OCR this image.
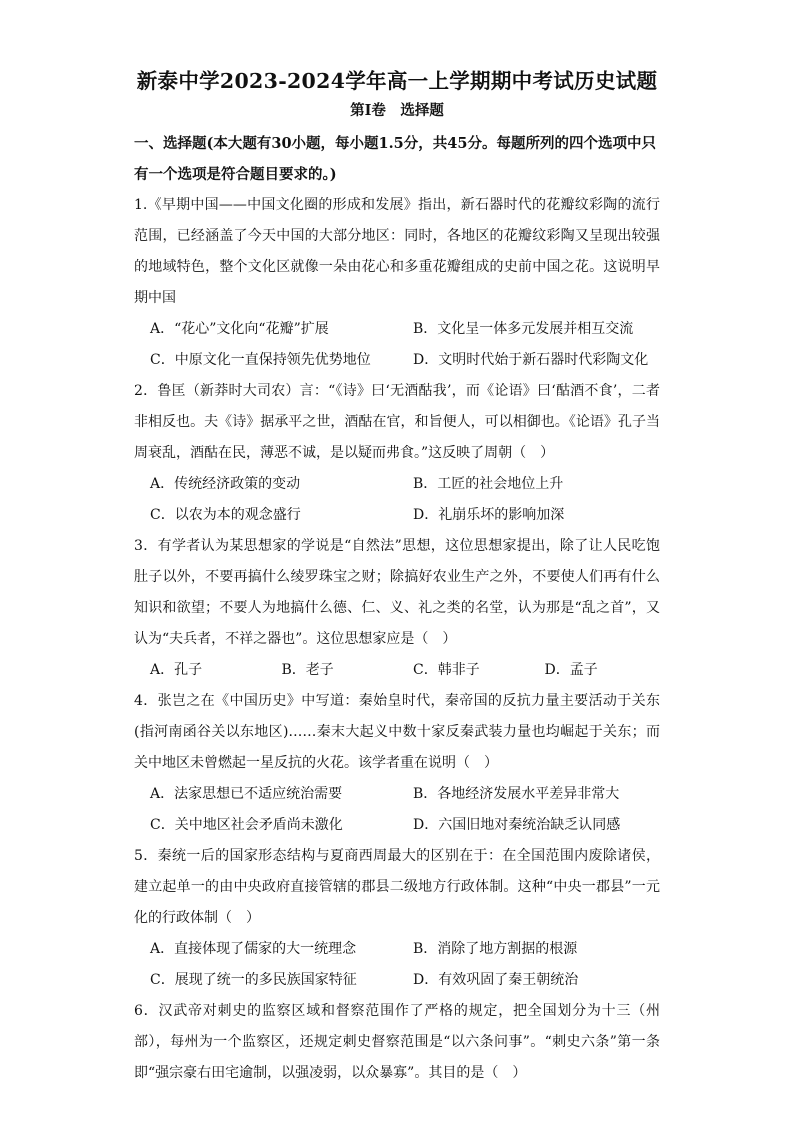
新泰中学2023-2024学年高一上学期期中考试历史试题
第Ⅰ卷　选择题

一、选择题(本大题有30小题，每小题1.5分，共45分。每题所列的四个选项中只有一个选项是符合题目要求的。)

1.《早期中国——中国文化圈的形成和发展》指出，新石器时代的花瓣纹彩陶的流行范围，已经涵盖了今天中国的大部分地区：同时，各地区的花瓣纹彩陶又呈现出较强的地域特色，整个文化区就像一朵由花心和多重花瓣组成的史前中国之花。这说明早期中国

A．“花心”文化向“花瓣”扩展	B．文化呈一体多元发展并相互交流
C．中原文化一直保持领先优势地位	D．文明时代始于新石器时代彩陶文化

2．鲁匡（新莽时大司农）言：“《诗》曰‘无酒酤我’，而《论语》曰‘酤酒不食’，二者非相反也。夫《诗》据承平之世，酒酤在官，和旨便人，可以相御也。《论语》孔子当周衰乱，酒酤在民，薄恶不诚，是以疑而弗食。”这反映了周朝（　）

A．传统经济政策的变动	B．工匠的社会地位上升
C．以农为本的观念盛行	D．礼崩乐坏的影响加深

3．有学者认为某思想家的学说是“自然法”思想，这位思想家提出，除了让人民吃饱肚子以外，不要再搞什么绫罗珠宝之财；除搞好农业生产之外，不要使人们再有什么知识和欲望；不要人为地搞什么德、仁、义、礼之类的名堂，认为那是“乱之首”，又认为“夫兵者，不祥之器也”。这位思想家应是（　）

A．孔子	B．老子	C．韩非子	D．孟子

4．张岂之在《中国历史》中写道：秦始皇时代，秦帝国的反抗力量主要活动于关东(指河南函谷关以东地区)……秦末大起义中数十家反秦武装力量也均崛起于关东；而关中地区未曾燃起一星反抗的火花。该学者重在说明（　）

A．法家思想已不适应统治需要	B．各地经济发展水平差异非常大
C．关中地区社会矛盾尚未激化	D．六国旧地对秦统治缺乏认同感

5．秦统一后的国家形态结构与夏商西周最大的区别在于：在全国范围内废除诸侯，建立起单一的由中央政府直接管辖的郡县二级地方行政体制。这种“中央一郡县”一元化的行政体制（　）

A．直接体现了儒家的大一统理念	B．消除了地方割据的根源
C．展现了统一的多民族国家特征	D．有效巩固了秦王朝统治

6．汉武帝对刺史的监察区域和督察范围作了严格的规定，把全国划分为十三（州部），每州为一个监察区，还规定刺史督察范围是“以六条问事”。“刺史六条”第一条即“强宗豪右田宅逾制，以强凌弱，以众暴寡”。其目的是（　）
